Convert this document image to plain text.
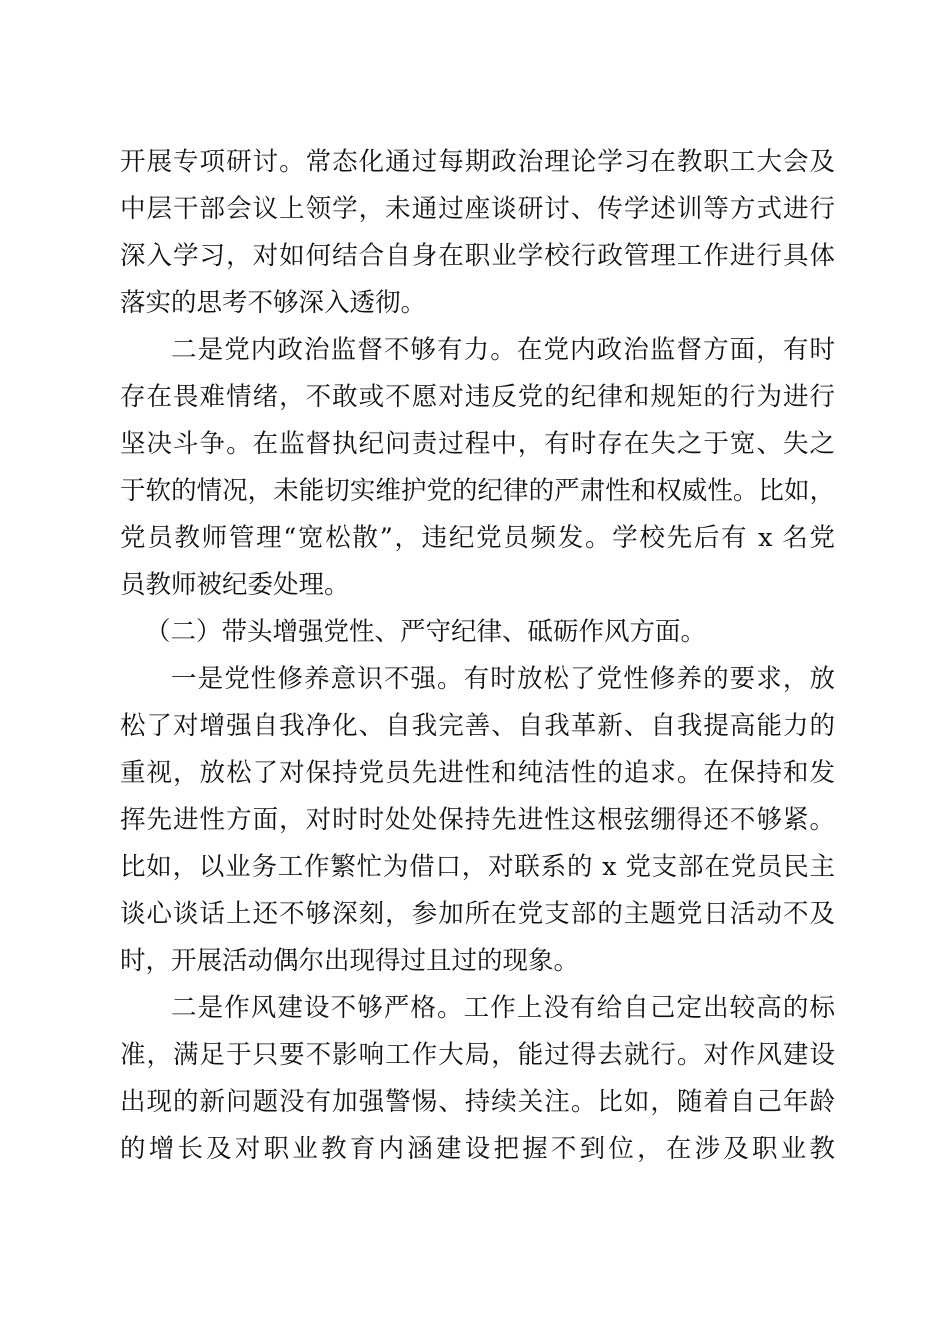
开展专项研讨。常态化通过每期政治理论学习在教职工大会及
中层干部会议上领学，未通过座谈研讨、传学述训等方式进行
深入学习，对如何结合自身在职业学校行政管理工作进行具体
落实的思考不够深入透彻。
二是党内政治监督不够有力。在党内政治监督方面，有时
存在畏难情绪，不敢或不愿对违反党的纪律和规矩的行为进行
坚决斗争。在监督执纪问责过程中，有时存在失之于宽、失之
于软的情况，未能切实维护党的纪律的严肃性和权威性。比如，
党员教师管理“宽松散”，违纪党员频发。学校先后有 x 名党
员教师被纪委处理。
（二）带头增强党性、严守纪律、砥砺作风方面。
一是党性修养意识不强。有时放松了党性修养的要求，放
松了对增强自我净化、自我完善、自我革新、自我提高能力的
重视，放松了对保持党员先进性和纯洁性的追求。在保持和发
挥先进性方面，对时时处处保持先进性这根弦绷得还不够紧。
比如，以业务工作繁忙为借口，对联系的 x 党支部在党员民主
谈心谈话上还不够深刻，参加所在党支部的主题党日活动不及
时，开展活动偶尔出现得过且过的现象。
二是作风建设不够严格。工作上没有给自己定出较高的标
准，满足于只要不影响工作大局，能过得去就行。对作风建设
出现的新问题没有加强警惕、持续关注。比如，随着自己年龄
的增长及对职业教育内涵建设把握不到位，在涉及职业教
